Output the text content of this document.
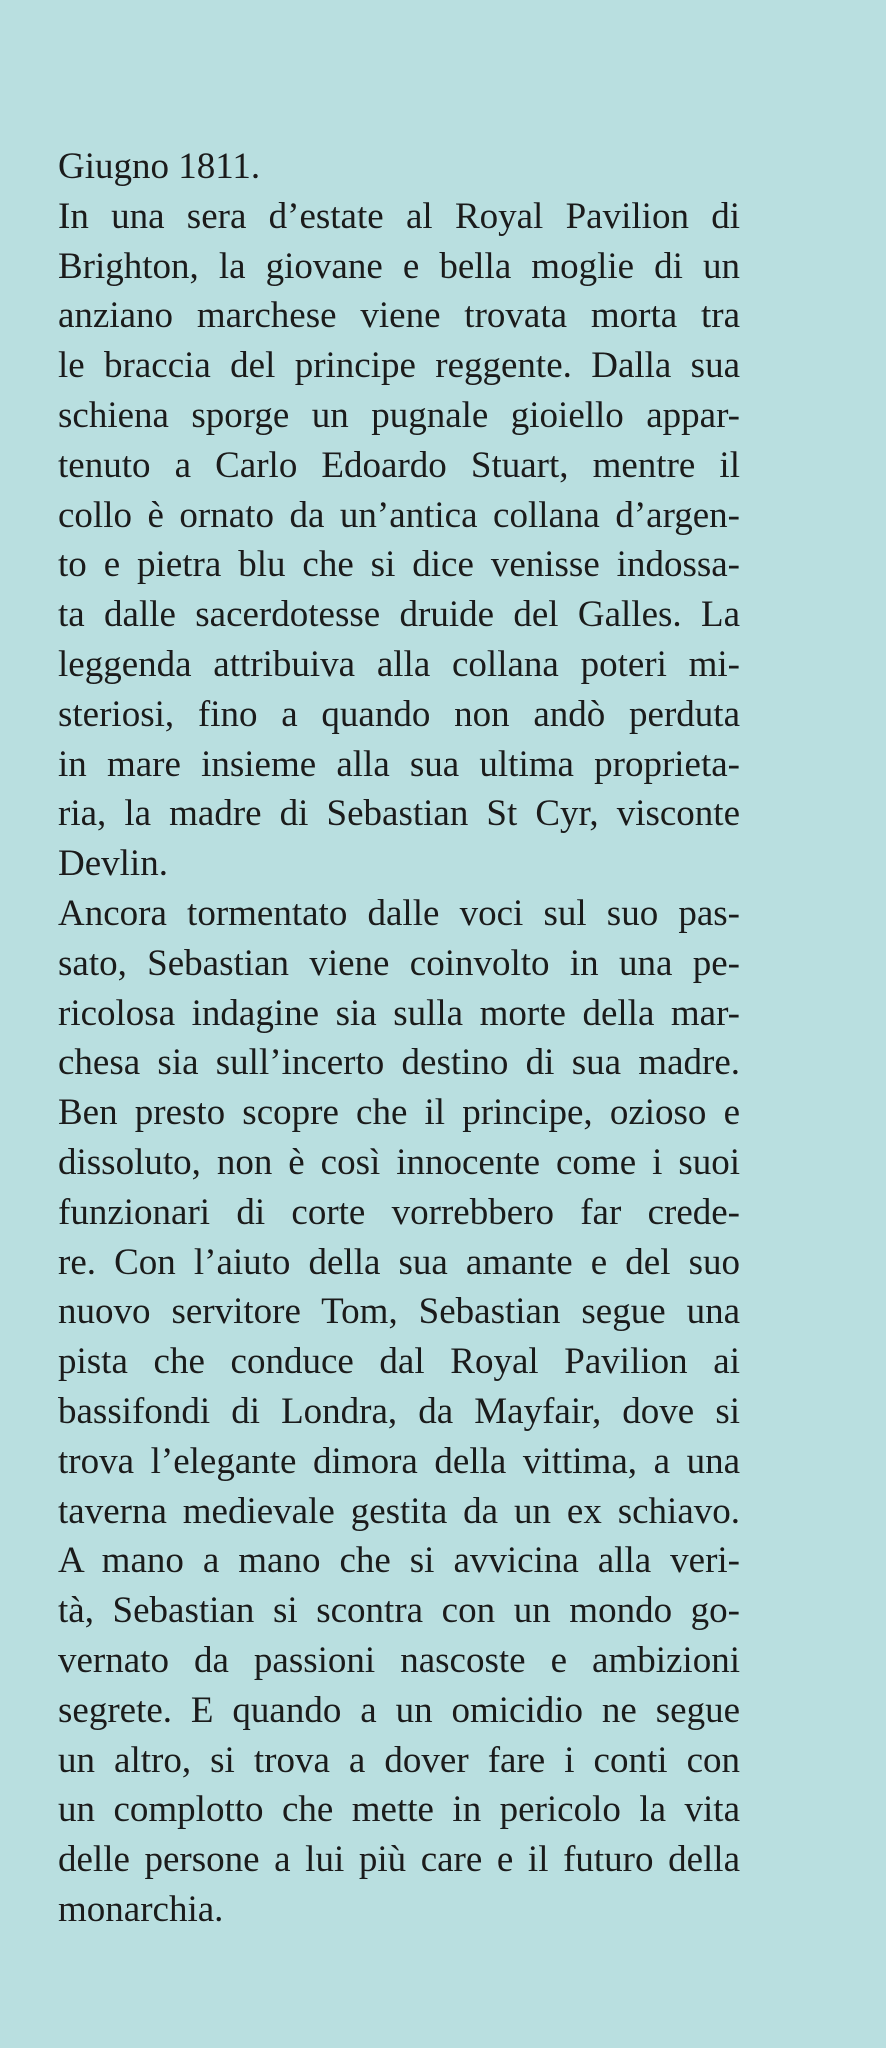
Giugno 1811.
In una sera d’estate al Royal Pavilion di
Brighton, la giovane e bella moglie di un
anziano marchese viene trovata morta tra
le braccia del principe reggente. Dalla sua
schiena sporge un pugnale gioiello appar-
tenuto a Carlo Edoardo Stuart, mentre il
collo è ornato da un’antica collana d’argen-
to e pietra blu che si dice venisse indossa-
ta dalle sacerdotesse druide del Galles. La
leggenda attribuiva alla collana poteri mi-
steriosi, fino a quando non andò perduta
in mare insieme alla sua ultima proprieta-
ria, la madre di Sebastian St Cyr, visconte
Devlin.
Ancora tormentato dalle voci sul suo pas-
sato, Sebastian viene coinvolto in una pe-
ricolosa indagine sia sulla morte della mar-
chesa sia sull’incerto destino di sua madre.
Ben presto scopre che il principe, ozioso e
dissoluto, non è così innocente come i suoi
funzionari di corte vorrebbero far crede-
re. Con l’aiuto della sua amante e del suo
nuovo servitore Tom, Sebastian segue una
pista che conduce dal Royal Pavilion ai
bassifondi di Londra, da Mayfair, dove si
trova l’elegante dimora della vittima, a una
taverna medievale gestita da un ex schiavo.
A mano a mano che si avvicina alla veri-
tà, Sebastian si scontra con un mondo go-
vernato da passioni nascoste e ambizioni
segrete. E quando a un omicidio ne segue
un altro, si trova a dover fare i conti con
un complotto che mette in pericolo la vita
delle persone a lui più care e il futuro della
monarchia.
